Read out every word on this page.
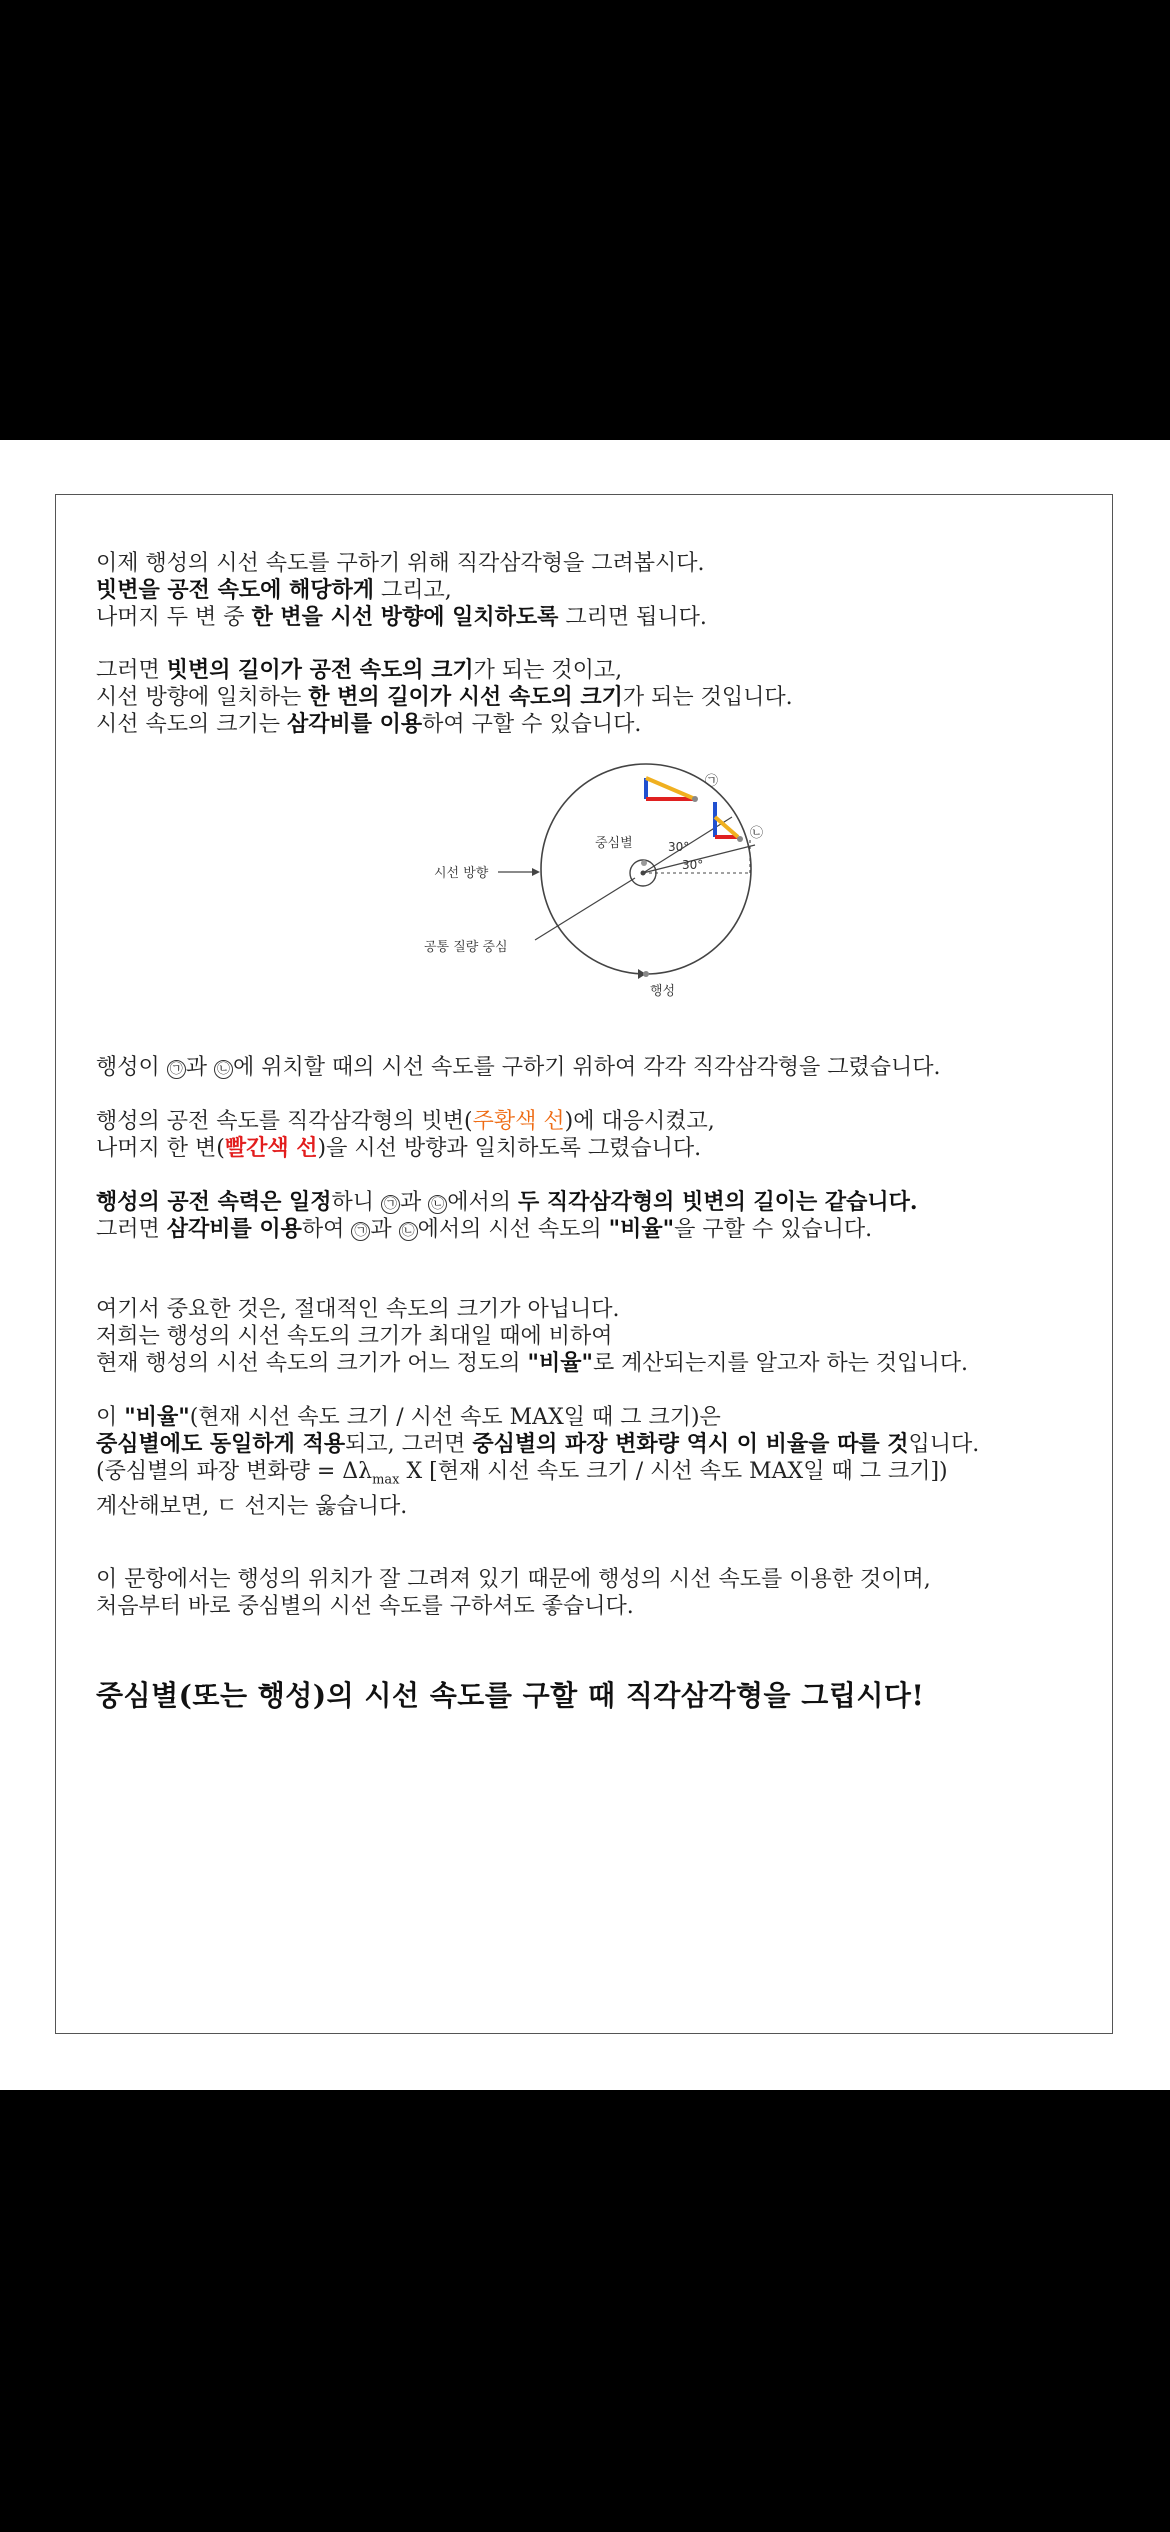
이제 행성의 시선 속도를 구하기 위해 직각삼각형을 그려봅시다.

빗변을 공전 속도에 해당하게 그리고,

나머지 두 변 중 한 변을 시선 방향에 일치하도록 그리면 됩니다.

그러면 빗변의 길이가 공전 속도의 크기가 되는 것이고,

시선 방향에 일치하는 한 변의 길이가 시선 속도의 크기가 되는 것입니다.

시선 속도의 크기는 삼각비를 이용하여 구할 수 있습니다.

㉠
㉡
중심별	30°
30°
시선 방향
공통 질량 중심
행성

행성이 ㉠ 과 ㉡ 에 위치할 때의 시선 속도를 구하기 위하여 각각 직각삼각형을 그렸습니다.

행성의 공전 속도를 직각삼각형의 빗변(주황색 선)에 대응시켰고,

나머지 한 변(빨간색 선)을 시선 방향과 일치하도록 그렸습니다.

행성의 공전 속력은 일정하니 ㉠ 과 ㉡ 에서의 두 직각삼각형의 빗변의 길이는 같습니다.

그러면 삼각비를 이용하여 ㉠ 과 ㉡ 에서의 시선 속도의 "비율"을 구할 수 있습니다.

여기서 중요한 것은, 절대적인 속도의 크기가 아닙니다.

저희는 행성의 시선 속도의 크기가 최대일 때에 비하여

현재 행성의 시선 속도의 크기가 어느 정도의 "비율"로 계산되는지를 알고자 하는 것입니다.

이 "비율"(현재 시선 속도 크기 / 시선 속도 MAX일 때 그 크기)은

중심별에도 동일하게 적용되고, 그러면 중심별의 파장 변화량 역시 이 비율을 따를 것입니다.

(중심별의 파장 변화량 = $\Delta\lambda_{max}$ X [현재 시선 속도 크기 / 시선 속도 MAX일 때 그 크기])

계산해보면, ㄷ 선지는 옳습니다.

이 문항에서는 행성의 위치가 잘 그려져 있기 때문에 행성의 시선 속도를 이용한 것이며,

처음부터 바로 중심별의 시선 속도를 구하셔도 좋습니다.

중심별(또는 행성)의 시선 속도를 구할 때 직각삼각형을 그립시다!
